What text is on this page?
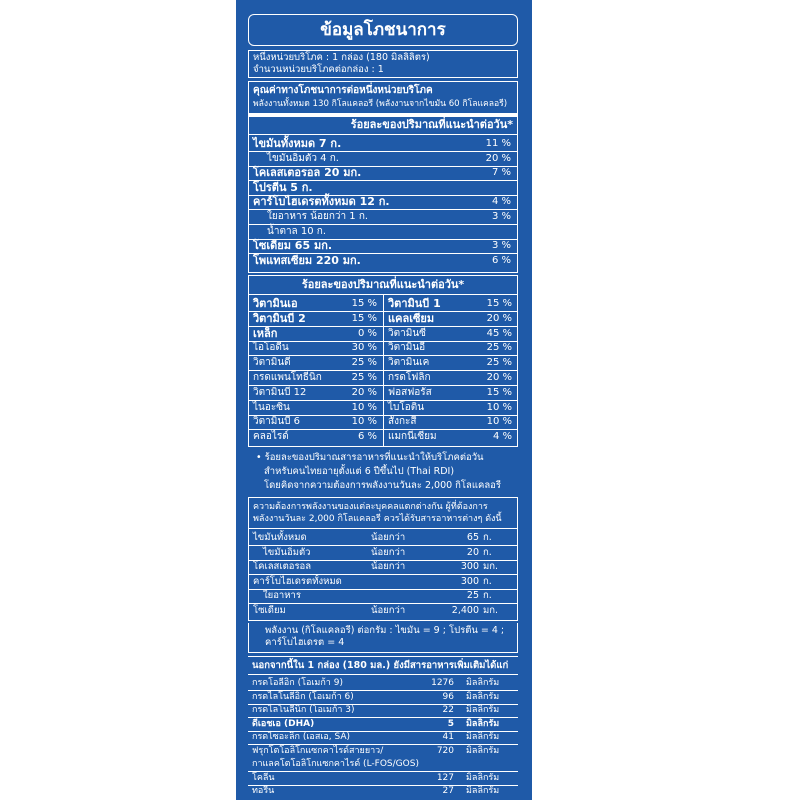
ข้อมูลโภชนาการ
หนึ่งหน่วยบริโภค : 1 กล่อง (180 มิลลิลิตร)
จำนวนหน่วยบริโภคต่อกล่อง : 1
คุณค่าทางโภชนาการต่อหนึ่งหน่วยบริโภค
พลังงานทั้งหมด 130 กิโลแคลอรี (พลังงานจากไขมัน 60 กิโลแคลอรี)
ร้อยละของปริมาณที่แนะนำต่อวัน*
ไขมันทั้งหมด 7 ก.	11 %
ไขมันอิ่มตัว 4 ก.	20 %
โคเลสเตอรอล 20 มก.	7 %
โปรตีน 5 ก.
คาร์โบไฮเดรตทั้งหมด 12 ก.	4 %
ใยอาหาร น้อยกว่า 1 ก.	3 %
น้ำตาล 10 ก.
โซเดียม 65 มก.	3 %
โพแทสเซียม 220 มก.	6 %
ร้อยละของปริมาณที่แนะนำต่อวัน*
วิตามินเอ	15 % วิตามินบี 1	15 %
วิตามินบี 2	15 % แคลเซียม	20 %
เหล็ก	0 % วิตามินซี	45 %
ไอโอดีน	30 % วิตามินอี	25 %
วิตามินดี	25 % วิตามินเค	25 %
กรดแพนโทธีนิก	25 % กรดโฟลิก	20 %
วิตามินบี 12	20 % ฟอสฟอรัส	15 %
ไนอะซิน	10 % ไบโอติน	10 %
วิตามินบี 6	10 % สังกะสี	10 %
คลอไรด์	6 % แมกนีเซียม	4 %
• ร้อยละของปริมาณสารอาหารที่แนะนำให้บริโภคต่อวัน
สำหรับคนไทยอายุตั้งแต่ 6 ปีขึ้นไป (Thai RDI)
โดยคิดจากความต้องการพลังงานวันละ 2,000 กิโลแคลอรี
ความต้องการพลังงานของแต่ละบุคคลแตกต่างกัน ผู้ที่ต้องการ
พลังงานวันละ 2,000 กิโลแคลอรี ควรได้รับสารอาหารต่างๆ ดังนี้
ไขมันทั้งหมด	น้อยกว่า	65 ก.
ไขมันอิ่มตัว	น้อยกว่า	20 ก.
โคเลสเตอรอล	น้อยกว่า	300 มก.
คาร์โบไฮเดรตทั้งหมด	300 ก.
ใยอาหาร	25 ก.
โซเดียม	น้อยกว่า	2,400 มก.
พลังงาน (กิโลแคลอรี) ต่อกรัม : ไขมัน = 9 ; โปรตีน = 4 ;
คาร์โบไฮเดรต = 4
นอกจากนี้ใน 1 กล่อง (180 มล.) ยังมีสารอาหารเพิ่มเติมได้แก่
กรดโอลีอิก (โอเมก้า 9)	1276 มิลลิกรัม
กรดไลโนลีอิก (โอเมก้า 6)	96 มิลลิกรัม
กรดไลโนลีนิก (โอเมก้า 3)	22 มิลลิกรัม
ดีเอชเอ (DHA)	5 มิลลิกรัม
กรดไซอะลิก (เอสเอ, SA)	41 มิลลิกรัม
ฟรุกโตโอลิโกแซกคาไรด์สายยาว/	720 มิลลิกรัม
กาแลคโตโอลิโกแซกคาไรด์ (L-FOS/GOS)
โคลีน	127 มิลลิกรัม
ทอรีน	27 มิลลิกรัม
